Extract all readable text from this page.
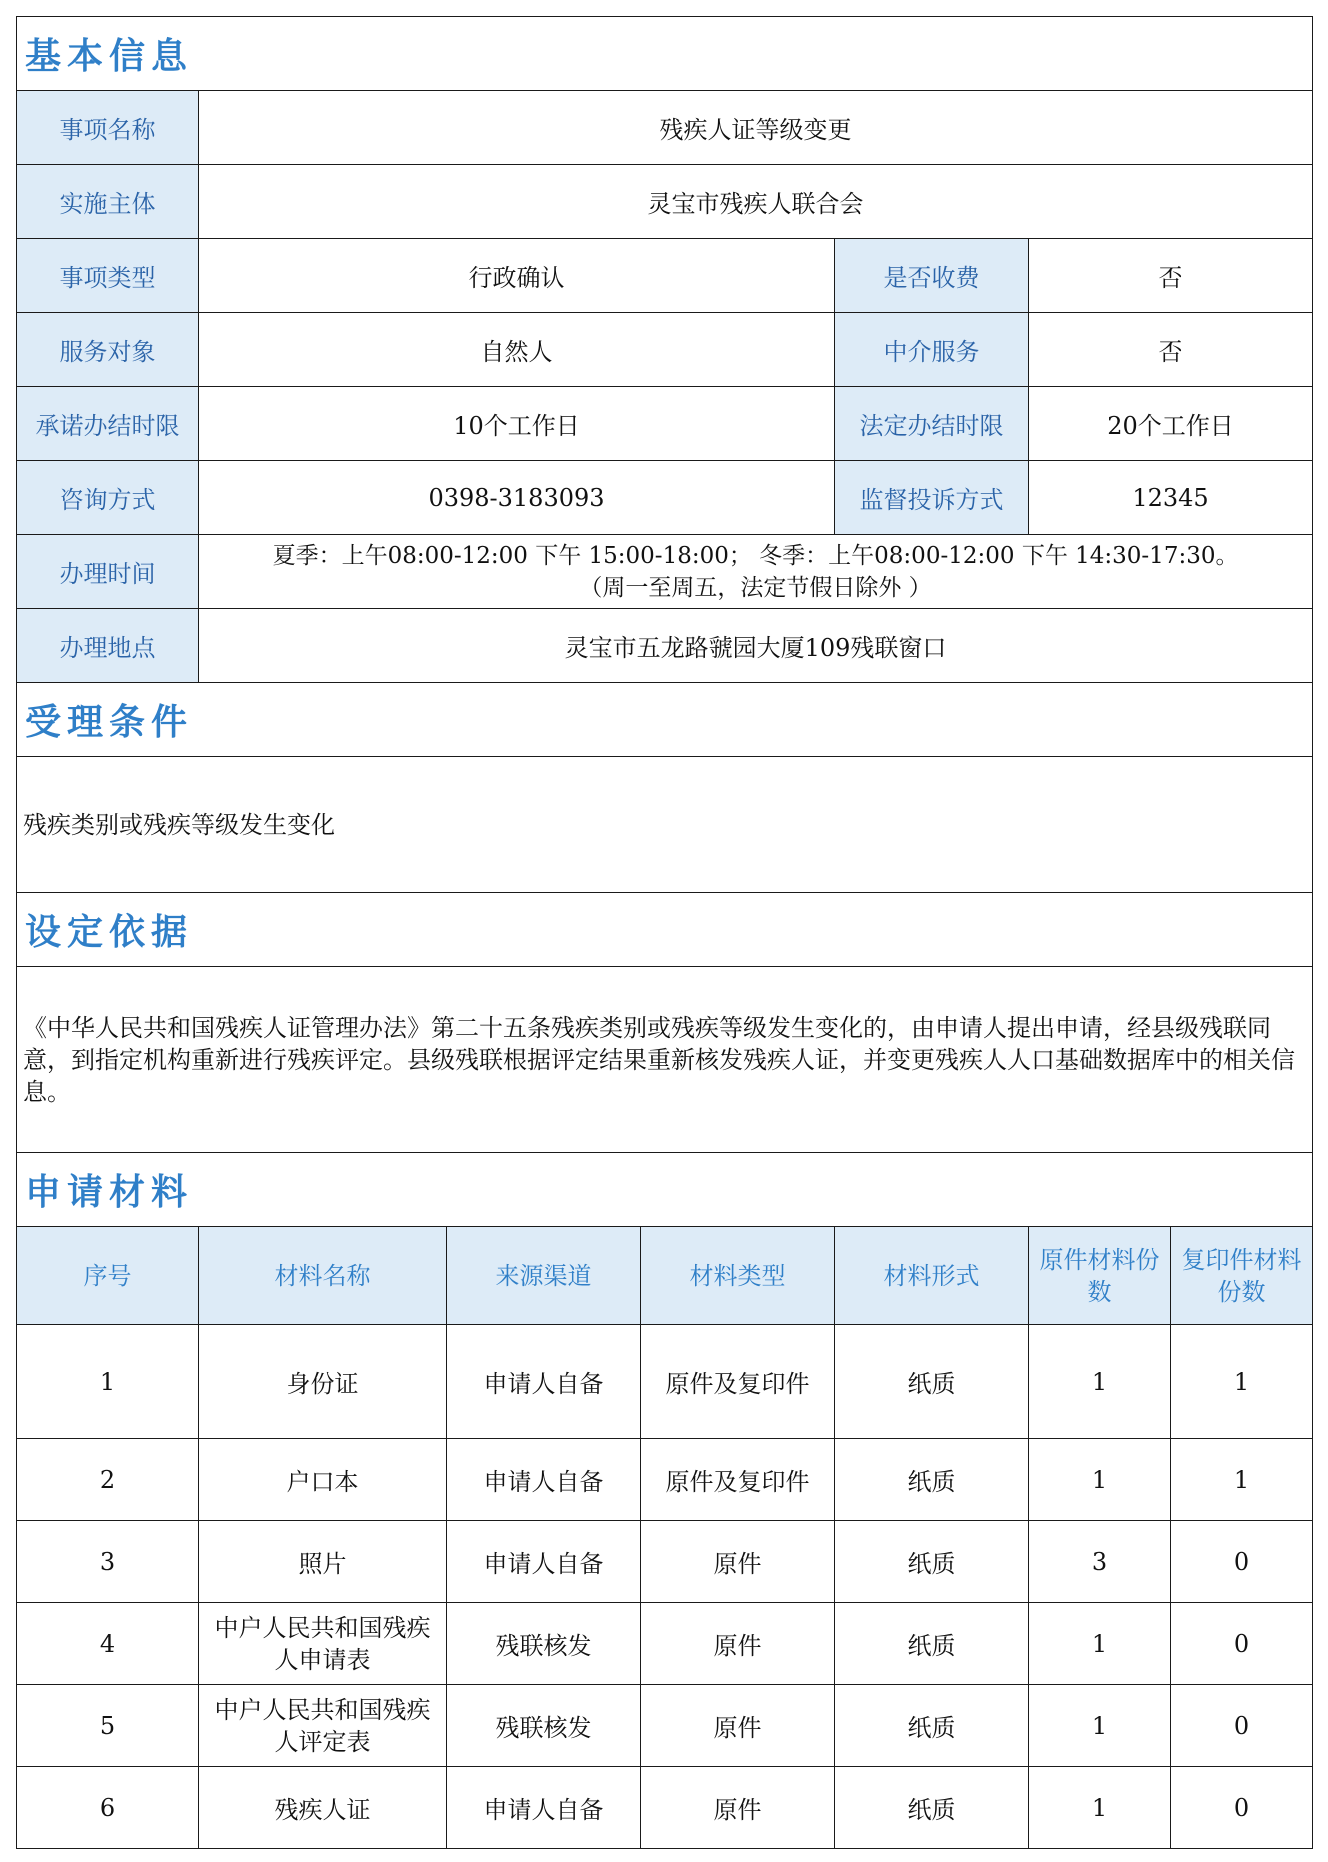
基本信息						
事项名称	残疾人证等级变更					
实施主体	灵宝市残疾人联合会					
事项类型	行政确认			是否收费	否	
服务对象	自然人			中介服务	否	
承诺办结时限	10个工作日			法定办结时限	20个工作日	
咨询方式	0398-3183093			监督投诉方式	12345	
办理时间	夏季：上午08:00-12:00 下午 15:00-18:00； 冬季：上午08:00-12:00 下午 14:30-17:30。
（周一至周五，法定节假日除外 ）					

办理地点	灵宝市五龙路虢园大厦109残联窗口					
受理条件						
残疾类别或残疾等级发生变化						
设定依据						
《中华人民共和国残疾人证管理办法》第二十五条残疾类别或残疾等级发生变化的，由申请人提出申请，经县级残联同意，到指定机构重新进行残疾评定。县级残联根据评定结果重新核发残疾人证，并变更残疾人人口基础数据库中的相关信息。						
申请材料						
序号	材料名称	来源渠道	材料类型	材料形式	原件材料份数	复印件材料份数
1	身份证	申请人自备	原件及复印件	纸质	1	1
2	户口本	申请人自备	原件及复印件	纸质	1	1
3	照片	申请人自备	原件	纸质	3	0
4	中户人民共和国残疾人申请表	残联核发	原件	纸质	1	0
5	中户人民共和国残疾人评定表	残联核发	原件	纸质	1	0
6	残疾人证	申请人自备	原件	纸质	1	0
